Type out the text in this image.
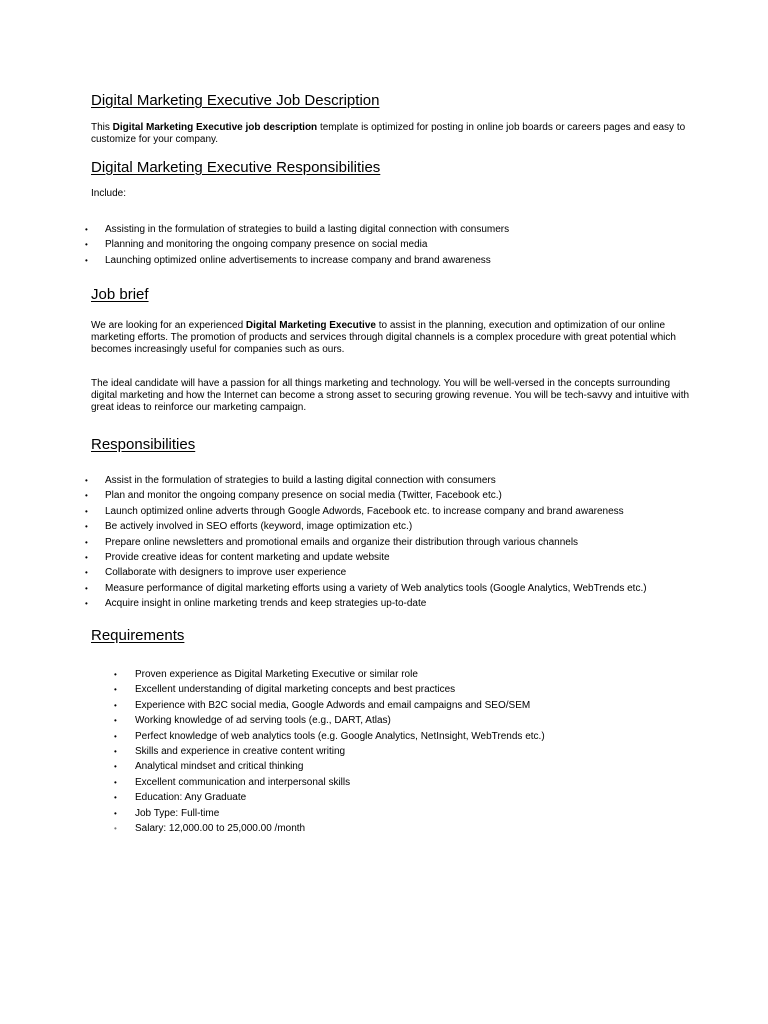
Digital Marketing Executive Job Description

This Digital Marketing Executive job description template is optimized for posting in online job boards or careers pages and easy to customize for your company.

Digital Marketing Executive Responsibilities

Include:

• Assisting in the formulation of strategies to build a lasting digital connection with consumers
• Planning and monitoring the ongoing company presence on social media
• Launching optimized online advertisements to increase company and brand awareness
Job brief

We are looking for an experienced Digital Marketing Executive to assist in the planning, execution and optimization of our online marketing efforts. The promotion of products and services through digital channels is a complex procedure with great potential which becomes increasingly useful for companies such as ours.

The ideal candidate will have a passion for all things marketing and technology. You will be well-versed in the concepts surrounding digital marketing and how the Internet can become a strong asset to securing growing revenue. You will be tech-savvy and intuitive with great ideas to reinforce our marketing campaign.

Responsibilities
• Assist in the formulation of strategies to build a lasting digital connection with consumers
• Plan and monitor the ongoing company presence on social media (Twitter, Facebook etc.)
• Launch optimized online adverts through Google Adwords, Facebook etc. to increase company and brand awareness
• Be actively involved in SEO efforts (keyword, image optimization etc.)
• Prepare online newsletters and promotional emails and organize their distribution through various channels
• Provide creative ideas for content marketing and update website
• Collaborate with designers to improve user experience
• Measure performance of digital marketing efforts using a variety of Web analytics tools (Google Analytics, WebTrends etc.)
• Acquire insight in online marketing trends and keep strategies up-to-date
Requirements
• Proven experience as Digital Marketing Executive or similar role
• Excellent understanding of digital marketing concepts and best practices
• Experience with B2C social media, Google Adwords and email campaigns and SEO/SEM
• Working knowledge of ad serving tools (e.g., DART, Atlas)
• Perfect knowledge of web analytics tools (e.g. Google Analytics, NetInsight, WebTrends etc.)
• Skills and experience in creative content writing
• Analytical mindset and critical thinking
• Excellent communication and interpersonal skills
• Education: Any Graduate
• Job Type: Full-time
• Salary: 12,000.00 to 25,000.00 /month
